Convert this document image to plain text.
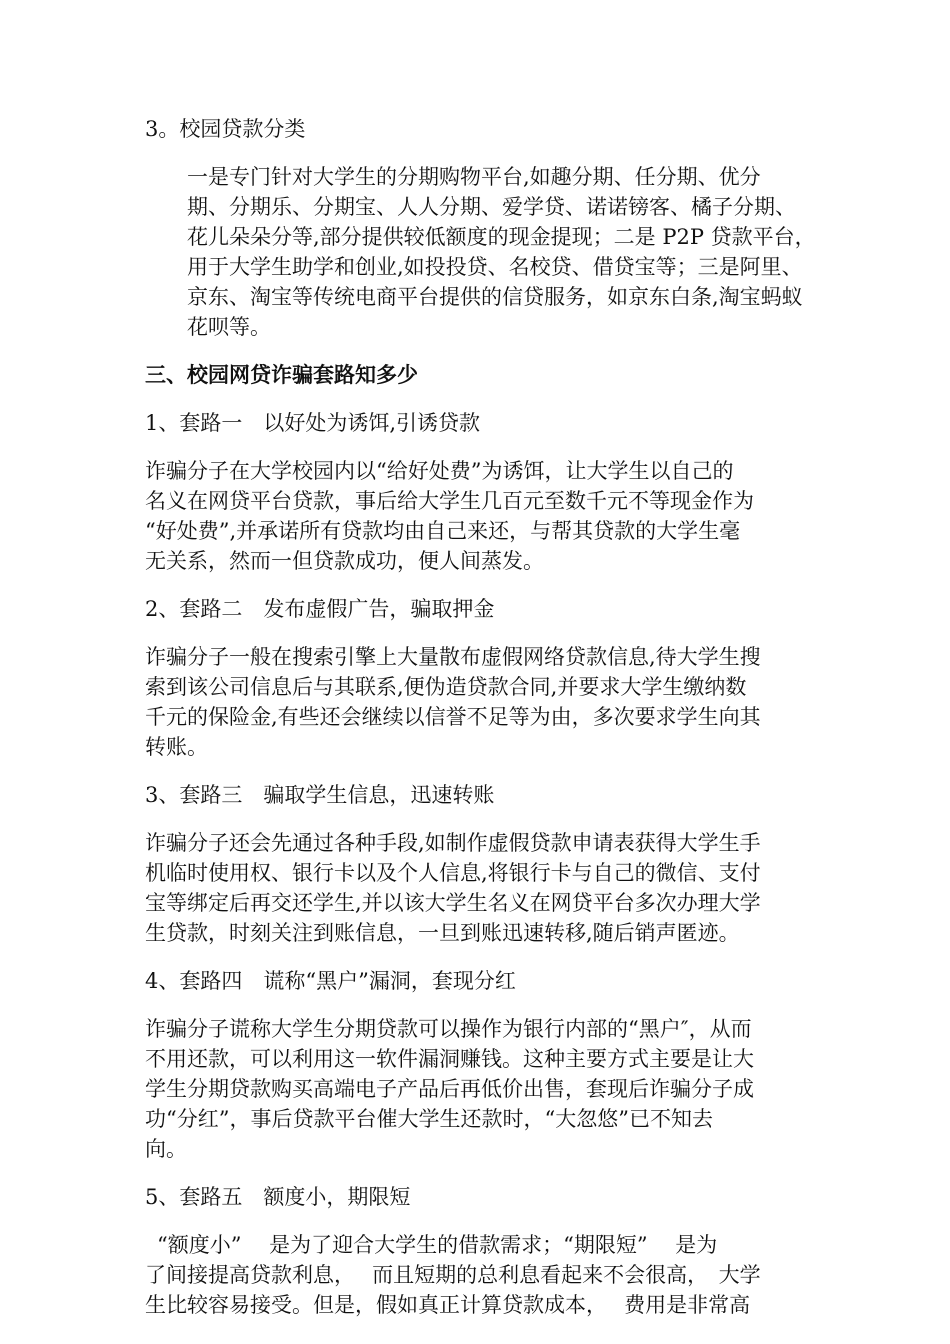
3。校园贷款分类

一是专门针对大学生的分期购物平台,如趣分期、任分期、优分
期、分期乐、分期宝、人人分期、爱学贷、诺诺镑客、橘子分期、
花儿朵朵分等,部分提供较低额度的现金提现；二是 P2P 贷款平台，
用于大学生助学和创业,如投投贷、名校贷、借贷宝等；三是阿里、
京东、淘宝等传统电商平台提供的信贷服务，如京东白条,淘宝蚂蚁
花呗等。

三、校园网贷诈骗套路知多少

1、套路一　以好处为诱饵,引诱贷款

诈骗分子在大学校园内以“给好处费”为诱饵，让大学生以自己的
名义在网贷平台贷款，事后给大学生几百元至数千元不等现金作为
“好处费”,并承诺所有贷款均由自己来还，与帮其贷款的大学生毫
无关系，然而一但贷款成功，便人间蒸发。

2、套路二　发布虚假广告，骗取押金

诈骗分子一般在搜索引擎上大量散布虚假网络贷款信息,待大学生搜
索到该公司信息后与其联系,便伪造贷款合同,并要求大学生缴纳数
千元的保险金,有些还会继续以信誉不足等为由，多次要求学生向其
转账。

3、套路三　骗取学生信息，迅速转账

诈骗分子还会先通过各种手段,如制作虚假贷款申请表获得大学生手
机临时使用权、银行卡以及个人信息,将银行卡与自己的微信、支付
宝等绑定后再交还学生,并以该大学生名义在网贷平台多次办理大学
生贷款，时刻关注到账信息，一旦到账迅速转移,随后销声匿迹。

4、套路四　谎称“黑户”漏洞，套现分红

诈骗分子谎称大学生分期贷款可以操作为银行内部的“黑户″，从而
不用还款，可以利用这一软件漏洞赚钱。这种主要方式主要是让大
学生分期贷款购买高端电子产品后再低价出售，套现后诈骗分子成
功“分红”，事后贷款平台催大学生还款时，“大忽悠”已不知去
向。

5、套路五　额度小，期限短

“额度小”　 是为了迎合大学生的借款需求；“期限短”　 是为
了间接提高贷款利息，　 而且短期的总利息看起来不会很高，　大学
生比较容易接受。但是，假如真正计算贷款成本，　 费用是非常高
